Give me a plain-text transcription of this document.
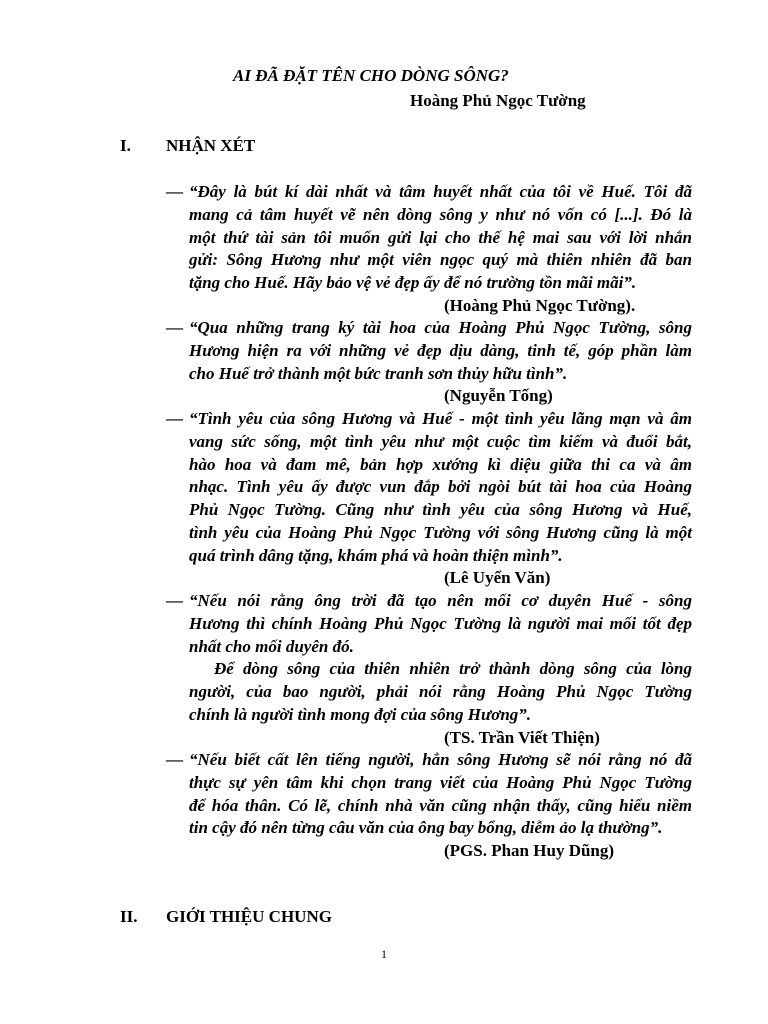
AI ĐÃ ĐẶT TÊN CHO DÒNG SÔNG?
Hoàng Phủ Ngọc Tường
I. NHẬN XÉT
— “Đây là bút kí dài nhất và tâm huyết nhất của tôi về Huế. Tôi đã
mang cả tâm huyết vẽ nên dòng sông y như nó vốn có [...]. Đó là
một thứ tài sản tôi muốn gửi lại cho thế hệ mai sau với lời nhắn
gửi: Sông Hương như một viên ngọc quý mà thiên nhiên đã ban
tặng cho Huế. Hãy bảo vệ vẻ đẹp ấy để nó trường tồn mãi mãi”.
(Hoàng Phủ Ngọc Tường).
— “Qua những trang ký tài hoa của Hoàng Phủ Ngọc Tường, sông
Hương hiện ra với những vẻ đẹp dịu dàng, tinh tế, góp phần làm
cho Huế trở thành một bức tranh sơn thủy hữu tình”.
(Nguyễn Tống)
— “Tình yêu của sông Hương và Huế - một tình yêu lãng mạn và âm
vang sức sống, một tình yêu như một cuộc tìm kiếm và đuổi bắt,
hào hoa và đam mê, bản hợp xướng kì diệu giữa thi ca và âm
nhạc. Tình yêu ấy được vun đắp bởi ngòi bút tài hoa của Hoàng
Phủ Ngọc Tường. Cũng như tình yêu của sông Hương và Huế,
tình yêu của Hoàng Phủ Ngọc Tường với sông Hương cũng là một
quá trình dâng tặng, khám phá và hoàn thiện mình”.
(Lê Uyển Văn)
— “Nếu nói rằng ông trời đã tạo nên mối cơ duyên Huế - sông
Hương thì chính Hoàng Phủ Ngọc Tường là người mai mối tốt đẹp
nhất cho mối duyên đó.
Để dòng sông của thiên nhiên trở thành dòng sông của lòng
người, của bao người, phải nói rằng Hoàng Phủ Ngọc Tường
chính là người tình mong đợi của sông Hương”.
(TS. Trần Viết Thiện)
— “Nếu biết cất lên tiếng người, hẳn sông Hương sẽ nói rằng nó đã
thực sự yên tâm khi chọn trang viết của Hoàng Phủ Ngọc Tường
để hóa thân. Có lẽ, chính nhà văn cũng nhận thấy, cũng hiểu niềm
tin cậy đó nên từng câu văn của ông bay bổng, diễm ảo lạ thường”.
(PGS. Phan Huy Dũng)
II. GIỚI THIỆU CHUNG
1
